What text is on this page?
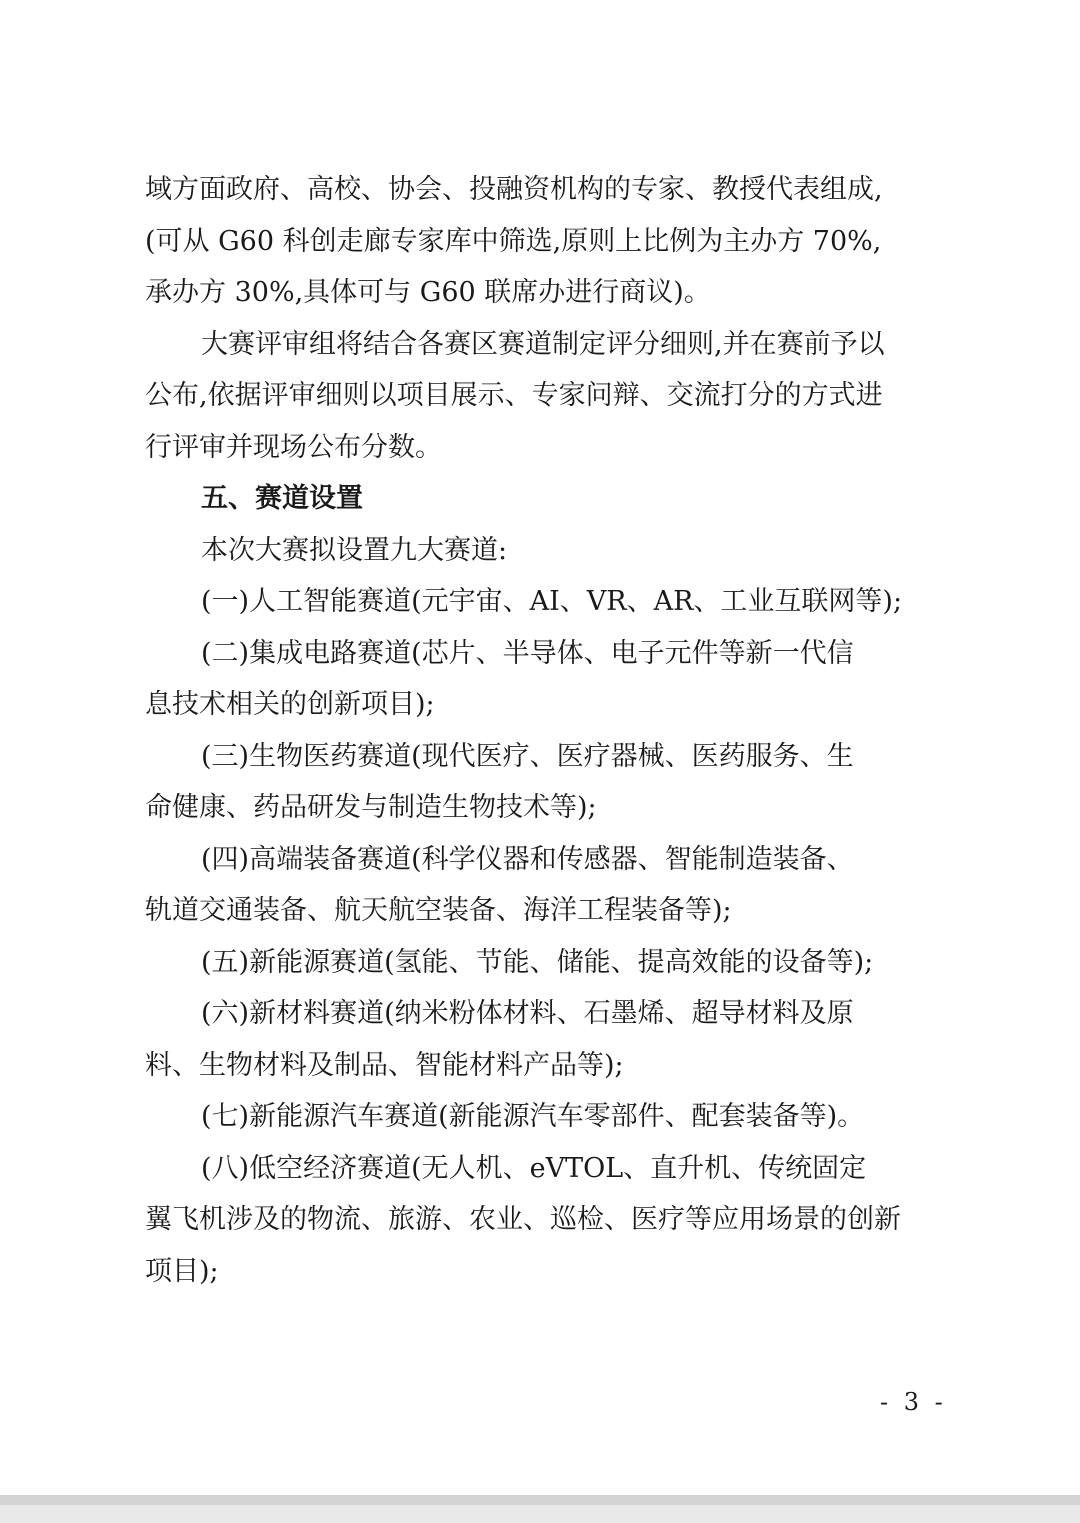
域方面政府、高校、协会、投融资机构的专家、教授代表组成,
(可从 G60 科创走廊专家库中筛选,原则上比例为主办方 70%,
承办方 30%,具体可与 G60 联席办进行商议)。
大赛评审组将结合各赛区赛道制定评分细则,并在赛前予以
公布,依据评审细则以项目展示、专家问辩、交流打分的方式进
行评审并现场公布分数。
五、赛道设置
本次大赛拟设置九大赛道:
(一)人工智能赛道(元宇宙、AI、VR、AR、工业互联网等);
(二)集成电路赛道(芯片、半导体、电子元件等新一代信
息技术相关的创新项目);
(三)生物医药赛道(现代医疗、医疗器械、医药服务、生
命健康、药品研发与制造生物技术等);
(四)高端装备赛道(科学仪器和传感器、智能制造装备、
轨道交通装备、航天航空装备、海洋工程装备等);
(五)新能源赛道(氢能、节能、储能、提高效能的设备等);
(六)新材料赛道(纳米粉体材料、石墨烯、超导材料及原
料、生物材料及制品、智能材料产品等);
(七)新能源汽车赛道(新能源汽车零部件、配套装备等)。
(八)低空经济赛道(无人机、eVTOL、直升机、传统固定
翼飞机涉及的物流、旅游、农业、巡检、医疗等应用场景的创新
项目);
- 3 -
